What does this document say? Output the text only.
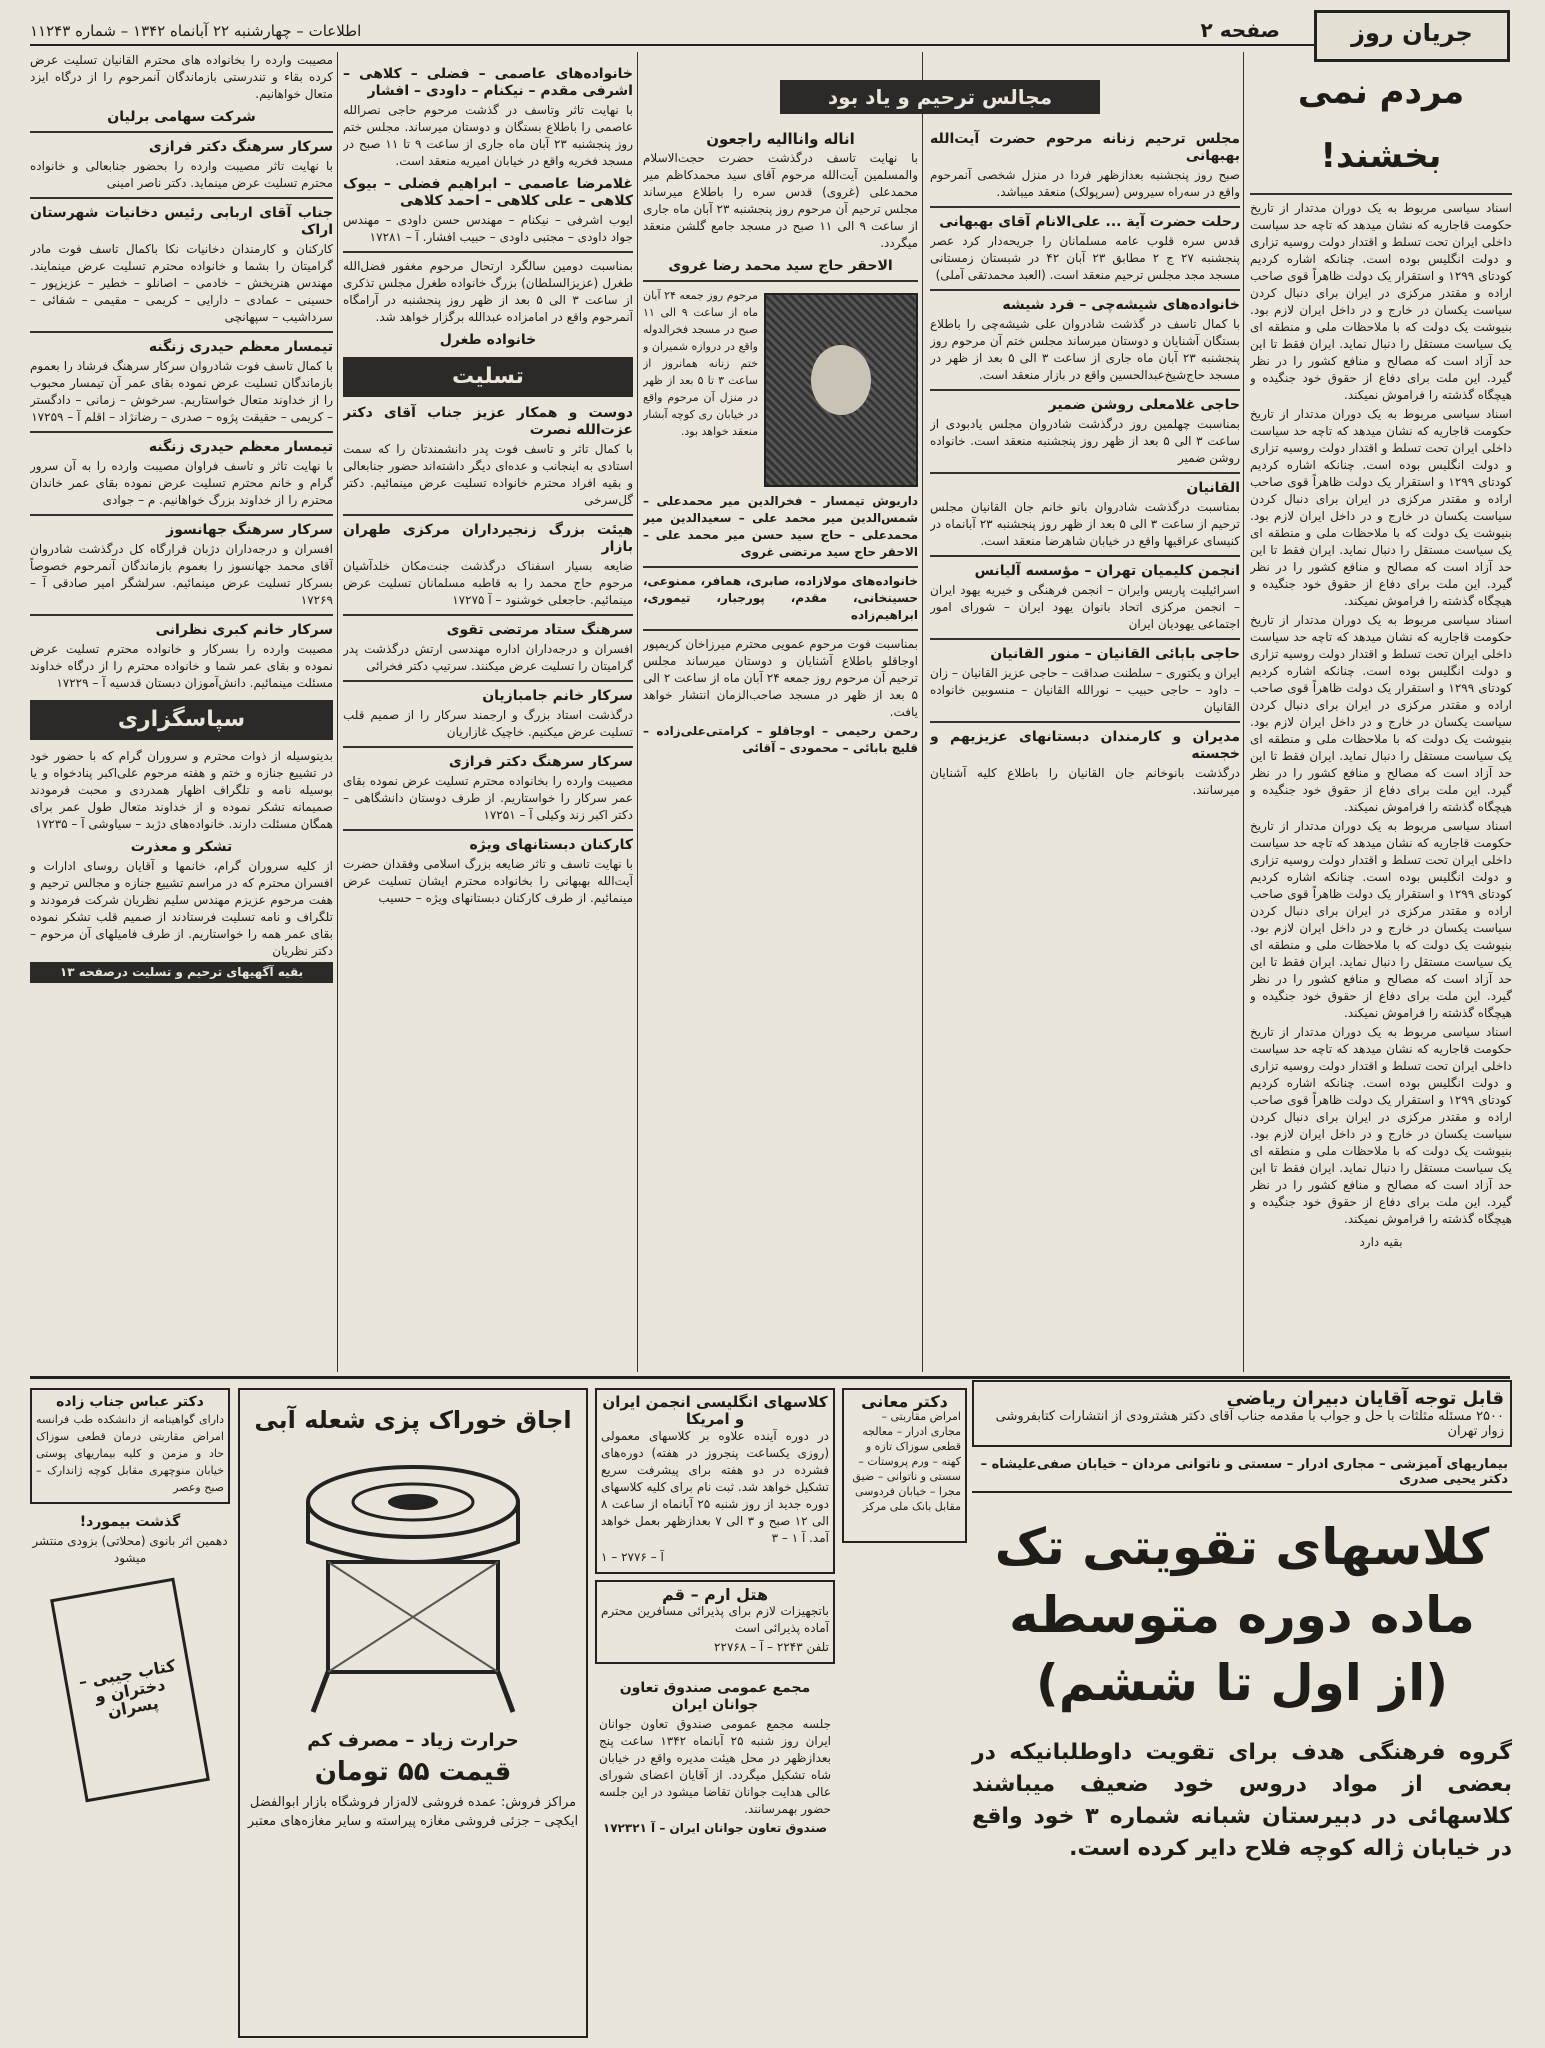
جریان روز
صفحه ۲
اطلاعات – چهارشنبه ۲۲ آبانماه ۱۳۴۲ – شماره ۱۱۲۴۳
مردم نمی بخشند!

اسناد سیاسی مربوط به یک دوران مدتدار از تاریخ حکومت قاجاریه که نشان میدهد که تاچه حد سیاست داخلی ایران تحت تسلط و اقتدار دولت روسیه تزاری و دولت انگلیس بوده است. چنانکه اشاره کردیم کودتای ۱۲۹۹ و استقرار یک دولت ظاهراً قوی صاحب اراده و مقتدر مرکزی در ایران برای دنبال کردن سیاست یکسان در خارج و در داخل ایران لازم بود. بنیوشت یک دولت که با ملاحظات ملی و منطقه ای یک سیاست مستقل را دنبال نماید. ایران فقط تا این حد آزاد است که مصالح و منافع کشور را در نظر گیرد. این ملت برای دفاع از حقوق خود جنگیده و هیچگاه گذشته را فراموش نمیکند.

اسناد سیاسی مربوط به یک دوران مدتدار از تاریخ حکومت قاجاریه که نشان میدهد که تاچه حد سیاست داخلی ایران تحت تسلط و اقتدار دولت روسیه تزاری و دولت انگلیس بوده است. چنانکه اشاره کردیم کودتای ۱۲۹۹ و استقرار یک دولت ظاهراً قوی صاحب اراده و مقتدر مرکزی در ایران برای دنبال کردن سیاست یکسان در خارج و در داخل ایران لازم بود. بنیوشت یک دولت که با ملاحظات ملی و منطقه ای یک سیاست مستقل را دنبال نماید. ایران فقط تا این حد آزاد است که مصالح و منافع کشور را در نظر گیرد. این ملت برای دفاع از حقوق خود جنگیده و هیچگاه گذشته را فراموش نمیکند.

اسناد سیاسی مربوط به یک دوران مدتدار از تاریخ حکومت قاجاریه که نشان میدهد که تاچه حد سیاست داخلی ایران تحت تسلط و اقتدار دولت روسیه تزاری و دولت انگلیس بوده است. چنانکه اشاره کردیم کودتای ۱۲۹۹ و استقرار یک دولت ظاهراً قوی صاحب اراده و مقتدر مرکزی در ایران برای دنبال کردن سیاست یکسان در خارج و در داخل ایران لازم بود. بنیوشت یک دولت که با ملاحظات ملی و منطقه ای یک سیاست مستقل را دنبال نماید. ایران فقط تا این حد آزاد است که مصالح و منافع کشور را در نظر گیرد. این ملت برای دفاع از حقوق خود جنگیده و هیچگاه گذشته را فراموش نمیکند.

اسناد سیاسی مربوط به یک دوران مدتدار از تاریخ حکومت قاجاریه که نشان میدهد که تاچه حد سیاست داخلی ایران تحت تسلط و اقتدار دولت روسیه تزاری و دولت انگلیس بوده است. چنانکه اشاره کردیم کودتای ۱۲۹۹ و استقرار یک دولت ظاهراً قوی صاحب اراده و مقتدر مرکزی در ایران برای دنبال کردن سیاست یکسان در خارج و در داخل ایران لازم بود. بنیوشت یک دولت که با ملاحظات ملی و منطقه ای یک سیاست مستقل را دنبال نماید. ایران فقط تا این حد آزاد است که مصالح و منافع کشور را در نظر گیرد. این ملت برای دفاع از حقوق خود جنگیده و هیچگاه گذشته را فراموش نمیکند.

اسناد سیاسی مربوط به یک دوران مدتدار از تاریخ حکومت قاجاریه که نشان میدهد که تاچه حد سیاست داخلی ایران تحت تسلط و اقتدار دولت روسیه تزاری و دولت انگلیس بوده است. چنانکه اشاره کردیم کودتای ۱۲۹۹ و استقرار یک دولت ظاهراً قوی صاحب اراده و مقتدر مرکزی در ایران برای دنبال کردن سیاست یکسان در خارج و در داخل ایران لازم بود. بنیوشت یک دولت که با ملاحظات ملی و منطقه ای یک سیاست مستقل را دنبال نماید. ایران فقط تا این حد آزاد است که مصالح و منافع کشور را در نظر گیرد. این ملت برای دفاع از حقوق خود جنگیده و هیچگاه گذشته را فراموش نمیکند.

بقیه دارد

مجالس ترحیم و یاد بود
مجلس ترحیم زنانه مرحوم حضرت آیت‌الله بهبهانی

صبح روز پنجشنبه بعدازظهر فردا در منزل شخصی آنمرحوم واقع در سه‌راه سیروس (سرپولک) منعقد میباشد.

رحلت حضرت آیة ... علی‌الانام آقای بهبهانی

قدس سره قلوب عامه مسلمانان را جریحه‌دار کرد عصر پنجشنبه ۲۷ ج ۲ مطابق ۲۳ آبان ۴۲ در شبستان زمستانی مسجد مجد مجلس ترحیم منعقد است. (العبد محمدتقی آملی)

خانواده‌های شیشه‌چی – فرد شیشه

با کمال تاسف در گذشت شادروان علی شیشه‌چی را باطلاع بستگان آشنایان و دوستان میرساند مجلس ختم آن مرحوم روز پنجشنبه ۲۳ آبان ماه جاری از ساعت ۳ الی ۵ بعد از ظهر در مسجد حاج‌شیخ‌عبدالحسین واقع در بازار منعقد است.

حاجی غلامعلی روشن ضمیر

بمناسبت چهلمین روز درگذشت شادروان مجلس یادبودی از ساعت ۳ الی ۵ بعد از ظهر روز پنجشنبه منعقد است. خانواده روشن ضمیر

القانیان

بمناسبت درگذشت شادروان بانو خانم جان القانیان مجلس ترحیم از ساعت ۳ الی ۵ بعد از ظهر روز پنجشنبه ۲۳ آبانماه در کنیسای عراقیها واقع در خیابان شاهرضا منعقد است.

انجمن کلیمیان تهران – مؤسسه آلیانس

اسرائیلیت پاریس وایران – انجمن فرهنگی و خیریه یهود ایران – انجمن مرکزی اتحاد بانوان یهود ایران – شورای امور اجتماعی یهودیان ایران

حاجی بابائی القانیان – منور القانیان

ایران و یکتوری – سلطنت صداقت – حاجی عزیز القانیان – زان – داود – حاجی حبیب – نورالله القانیان – منسوبین خانواده القانیان

مدیران و کارمندان دبستانهای عزیزیهم و خجسته

درگذشت بانوخانم جان القانیان را باطلاع کلیه آشنایان میرسانند.

اناله واناالیه راجعون

با نهایت تاسف درگذشت حضرت حجت‌الاسلام والمسلمین آیت‌الله مرحوم آقای سید محمدکاظم میر محمدعلی (غروی) قدس سره را باطلاع میرساند مجلس ترحیم آن مرحوم روز پنجشنبه ۲۳ آبان ماه جاری از ساعت ۹ الی ۱۱ صبح در مسجد جامع گلشن منعقد میگردد.

الاحقر حاج سید محمد رضا غروی

مرحوم روز جمعه ۲۴ آبان ماه از ساعت ۹ الی ۱۱ صبح در مسجد فخرالدوله واقع در دروازه شمیران و ختم زنانه همانروز از ساعت ۳ تا ۵ بعد از ظهر در منزل آن مرحوم واقع در خیابان ری کوچه آبشار منعقد خواهد بود.

داریوش تیمسار – فخرالدین میر محمدعلی – شمس‌الدین میر محمد علی – سعیدالدین میر محمدعلی – حاج سید حسن میر محمد علی – الاحقر حاج سید مرتضی غروی

خانواده‌های مولازاده، صابری، همافر، ممنوعی، حسینخانی، مقدم، پورجبار، تیموری، ابراهیم‌زاده

بمناسبت فوت مرحوم عمویی محترم میرزاخان کریمپور اوجاقلو باطلاع آشنایان و دوستان میرساند مجلس ترحیم آن مرحوم روز جمعه ۲۴ آبان ماه از ساعت ۲ الی ۵ بعد از ظهر در مسجد صاحب‌الزمان انتشار خواهد یافت.

رحمن رحیمی – اوجاقلو – کرامتی‌علی‌زاده – قلیچ بابائی – محمودی – آقائی

خانواده‌های عاصمی – فضلی – کلاهی – اشرفی مقدم – نیکنام – داودی – افشار

با نهایت تاثر وتاسف در گذشت مرحوم حاجی نصرالله عاصمی را باطلاع بستگان و دوستان میرساند. مجلس ختم روز پنجشنبه ۲۳ آبان ماه جاری از ساعت ۹ تا ۱۱ صبح در مسجد فخریه واقع در خیابان امیریه منعقد است.

غلامرضا عاصمی – ابراهیم فضلی – بیوک کلاهی – علی کلاهی – احمد کلاهی

ایوب اشرفی – نیکنام – مهندس حسن داودی – مهندس جواد داودی – مجتبی داودی – حبیب افشار. آ – ۱۷۲۸۱

بمناسبت دومین سالگرد ارتحال مرحوم مغفور فضل‌الله طغرل (عزیزالسلطان) بزرگ خانواده طغرل مجلس تذکری از ساعت ۳ الی ۵ بعد از ظهر روز پنجشنبه در آرامگاه آنمرحوم واقع در امامزاده عبدالله برگزار خواهد شد.

خانواده طغرل
تسلیت
دوست و همکار عزیز جناب آقای دکتر عزت‌الله نصرت

با کمال تاثر و تاسف فوت پدر دانشمندتان را که سمت استادی به اینجانب و عده‌ای دیگر داشته‌اند حضور جنابعالی و بقیه افراد محترم خانواده تسلیت عرض مینمائیم. دکتر گل‌سرخی

هیئت بزرگ زنجیرداران مرکزی طهران بازار

ضایعه بسیار اسفناک درگذشت جنت‌مکان خلدآشیان مرحوم حاج محمد را به قاطبه مسلمانان تسلیت عرض مینمائیم. حاجعلی خوشنود – آ ۱۷۲۷۵

سرهنگ ستاد مرتضی تقوی

افسران و درجه‌داران اداره مهندسی ارتش درگذشت پدر گرامیتان را تسلیت عرض میکنند. سرتیپ دکتر فخرائی

سرکار خانم جامبازیان

درگذشت استاد بزرگ و ارجمند سرکار را از صمیم قلب تسلیت عرض میکنیم. خاچیک غازاریان

سرکار سرهنگ دکتر فرازی

مصیبت وارده را بخانواده محترم تسلیت عرض نموده بقای عمر سرکار را خواستاریم. از طرف دوستان دانشگاهی – دکتر اکبر زند وکیلی آ – ۱۷۲۵۱

کارکنان دبستانهای ویژه

با نهایت تاسف و تاثر ضایعه بزرگ اسلامی وفقدان حضرت آیت‌الله بهبهانی را بخانواده محترم ایشان تسلیت عرض مینمائیم. از طرف کارکنان دبستانهای ویژه – حسیب

مصیبت وارده را بخانواده های محترم القانیان تسلیت عرض کرده بقاء و تندرستی بازماندگان آنمرحوم را از درگاه ایزد متعال خواهانیم.

شرکت سهامی برلیان
سرکار سرهنگ دکتر فرازی

با نهایت تاثر مصیبت وارده را بحضور جنابعالی و خانواده محترم تسلیت عرض مینماید. دکتر ناصر امینی

جناب آقای اربابی رئیس دخانیات شهرستان اراک

کارکنان و کارمندان دخانیات نکا باکمال تاسف فوت مادر گرامیتان را بشما و خانواده محترم تسلیت عرض مینمایند. مهندس هنریخش – خادمی – اصانلو – خطیر – عزیزپور – حسینی – عمادی – دارایی – کریمی – مقیمی – شفائی – سرداشیب – سپهانچی

تیمسار معظم حیدری زنگنه

با کمال تاسف فوت شادروان سرکار سرهنگ فرشاد را بعموم بازماندگان تسلیت عرض نموده بقای عمر آن تیمسار محبوب را از خداوند متعال خواستاریم. سرخوش – زمانی – دادگستر – کریمی – حقیقت پژوه – صدری – رضانژاد – اقلم آ – ۱۷۲۵۹

تیمسار معظم حیدری زنگنه

با نهایت تاثر و تاسف فراوان مصیبت وارده را به آن سرور گرام و خانم محترم تسلیت عرض نموده بقای عمر خاندان محترم را از خداوند بزرگ خواهانیم. م – جوادی

سرکار سرهنگ جهانسوز

افسران و درجه‌داران دژبان قرارگاه کل درگذشت شادروان آقای محمد جهانسوز را بعموم بازماندگان آنمرحوم خصوصاً بسرکار تسلیت عرض مینمائیم. سرلشگر امیر صادقی آ – ۱۷۲۶۹

سرکار خانم کبری نظرانی

مصیبت وارده را بسرکار و خانواده محترم تسلیت عرض نموده و بقای عمر شما و خانواده محترم را از درگاه خداوند مسئلت مینمائیم. دانش‌آموزان دبستان قدسیه آ – ۱۷۲۲۹

سپاسگزاری

بدینوسیله از ذوات محترم و سروران گرام که با حضور خود در تشییع جنازه و ختم و هفته مرحوم علی‌اکبر پنادخواه و یا بوسیله نامه و تلگراف اظهار همدردی و محبت فرمودند صمیمانه تشکر نموده و از خداوند متعال طول عمر برای همگان مسئلت دارند. خانواده‌های دژبد – سیاوشی آ – ۱۷۲۳۵

تشکر و معذرت

از کلیه سروران گرام، خانمها و آقایان روسای ادارات و افسران محترم که در مراسم تشییع جنازه و مجالس ترحیم و هفت مرحوم عزیزم مهندس سلیم نظریان شرکت فرمودند و تلگراف و نامه تسلیت فرستادند از صمیم قلب تشکر نموده بقای عمر همه را خواستاریم. از طرف فامیلهای آن مرحوم – دکتر نظریان

بقیه آگهیهای ترحیم و تسلیت درصفحه ۱۳
قابل توجه آقایان دبیران ریاضی
۲۵۰۰ مسئله مثلثات با حل و جواب با مقدمه جناب آقای دکتر هشترودی از انتشارات کتابفروشی زوار تهران
بیماریهای آمیزشی – مجاری ادرار – سستی و ناتوانی مردان – خیابان صفی‌علیشاه – دکتر یحیی صدری
کلاسهای تقویتی تک
ماده دوره متوسطه
(از اول تا ششم)
گروه فرهنگی هدف برای تقویت داوطلبانیکه در بعضی از مواد دروس خود ضعیف میباشند کلاسهائی در دبیرستان شبانه شماره ۳ خود واقع در خیابان ژاله کوچه فلاح دایر کرده است.
دکتر معانی
امراض مقاربتی – مجاری ادرار – معالجه قطعی سوزاک تازه و کهنه – ورم پروستات – سستی و ناتوانی – ضیق مجرا – خیابان فردوسی مقابل بانک ملی مرکز
کلاسهای انگلیسی انجمن ایران و امریکا

در دوره آینده علاوه بر کلاسهای معمولی (روزی یکساعت پنجروز در هفته) دوره‌های فشرده در دو هفته برای پیشرفت سریع تشکیل خواهد شد. ثبت نام برای کلیه کلاسهای دوره جدید از روز شنبه ۲۵ آبانماه از ساعت ۸ الی ۱۲ صبح و ۳ الی ۷ بعدازظهر بعمل خواهد آمد. آ ۱ – ۳

آ – ۲۷۷۶ – ۱

هتل ارم – قم

باتجهیزات لازم برای پذیرائی مسافرین محترم آماده پذیرائی است

تلفن ۲۲۴۳ – آ – ۲۲۷۶۸

مجمع عمومی صندوق تعاون جوانان ایران

جلسه مجمع عمومی صندوق تعاون جوانان ایران روز شنبه ۲۵ آبانماه ۱۳۴۲ ساعت پنج بعدازظهر در محل هیئت مدیره واقع در خیابان شاه تشکیل میگردد. از آقایان اعضای شورای عالی هدایت جوانان تقاضا میشود در این جلسه حضور بهمرسانند.

صندوق تعاون جوانان ایران – آ ۱۷۲۳۲۱

اجاق خوراک پزی شعله آبی
حرارت زیاد – مصرف کم
قیمت ۵۵ تومان
مراکز فروش: عمده فروشی لاله‌زار فروشگاه بازار ابوالفضل ایکچی – جزئی فروشی مغازه پیراسته و سایر مغازه‌های معتبر
دکتر عباس جناب زاده

دارای گواهینامه از دانشکده طب فرانسه امراض مقاربتی درمان قطعی سوزاک حاد و مزمن و کلیه بیماریهای پوستی خیابان منوچهری مقابل کوچه ژاندارک – صبح وعصر

گذشت بیمورد!

دهمین اثر بانوی (محلاتی) بزودی منتشر میشود

کتاب جیبی – دختران و پسران
